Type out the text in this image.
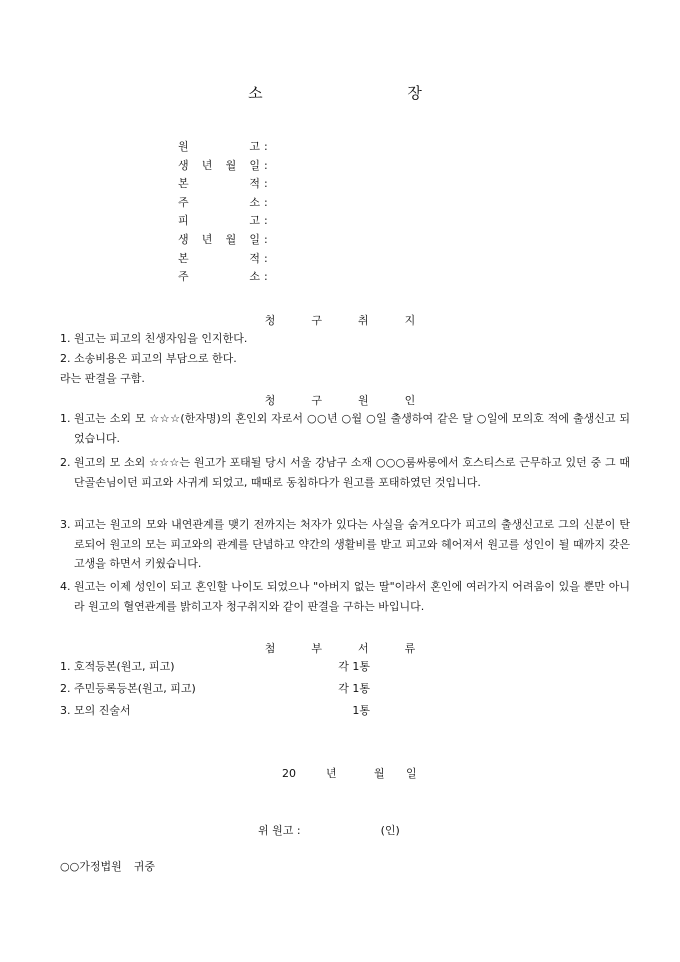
소 장
원	고 :
생 년 월 일 :
본	적 :
주	소 :
피	고 :
생 년 월 일 :
본	적 :
주	소 :
청구취지
1. 원고는 피고의 친생자임을 인지한다.
2. 소송비용은 피고의 부담으로 한다.
라는 판결을 구함.
청구원인
1. 원고는 소외 모 ☆☆☆(한자명)의 혼인외 자로서 ○○년 ○월 ○일 출생하여 같은 달 ○일에 모의호 적에 출생신고 되었습니다.
2. 원고의 모 소외 ☆☆☆는 원고가 포태될 당시 서울 강남구 소재 ○○○룸싸롱에서 호스티스로 근무하고 있던 중 그 때 단골손님이던 피고와 사귀게 되었고, 때때로 동침하다가 원고를 포태하였던 것입니다.
3. 피고는 원고의 모와 내연관계를 맺기 전까지는 처자가 있다는 사실을 숨겨오다가 피고의 출생신고로 그의 신분이 탄로되어 원고의 모는 피고와의 관계를 단념하고 약간의 생활비를 받고 피고와 헤어져서 원고를 성인이 될 때까지 갖은 고생을 하면서 키웠습니다.
4. 원고는 이제 성인이 되고 혼인할 나이도 되었으나 "아버지 없는 딸"이라서 혼인에 여러가지 어려움이 있을 뿐만 아니라 원고의 혈연관계를 밝히고자 청구취지와 같이 판결을 구하는 바입니다.
첨부서류
1. 호적등본(원고, 피고)	각 1통
2. 주민등록등본(원고, 피고)	각 1통
3. 모의 진술서	1통
20	년	월 일
위 원고 :	(인)
○○가정법원 귀중
